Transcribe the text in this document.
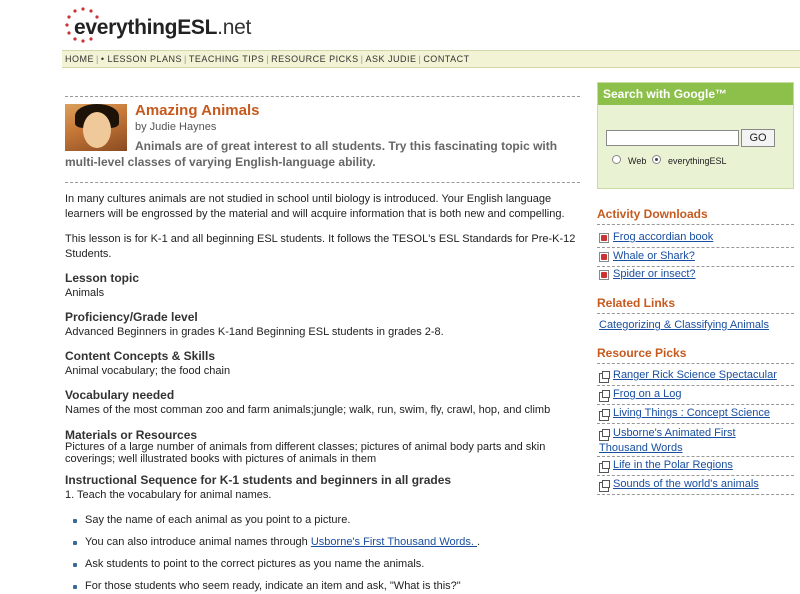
everythingESL.net
HOME | • LESSON PLANS | TEACHING TIPS | RESOURCE PICKS | ASK JUDIE | CONTACT
Amazing Animals
by Judie Haynes
Animals are of great interest to all students. Try this fascinating topic with multi-level classes of varying English-language ability.
In many cultures animals are not studied in school until biology is introduced. Your English language learners will be engrossed by the material and will acquire information that is both new and compelling.
This lesson is for K-1 and all beginning ESL students. It follows the TESOL's ESL Standards for Pre-K-12 Students.
Lesson topic
Animals
Proficiency/Grade level
Advanced Beginners in grades K-1and Beginning ESL students in grades 2-8.
Content Concepts & Skills
Animal vocabulary; the food chain
Vocabulary needed
Names of the most comman zoo and farm animals;jungle; walk, run, swim, fly, crawl, hop, and climb
Materials or Resources
Pictures of a large number of animals from different classes; pictures of animal body parts and skin coverings; well illustrated books with pictures of animals in them
Instructional Sequence for K-1 students and beginners in all grades
1. Teach the vocabulary for animal names.
Say the name of each animal as you point to a picture.
You can also introduce animal names through Usborne's First Thousand Words. .
Ask students to point to the correct pictures as you name the animals.
For those students who seem ready, indicate an item and ask, "What is this?"
Search with Google™
GO
Web everythingESL
Activity Downloads
Frog accordian book
Whale or Shark?
Spider or insect?
Related Links
Categorizing & Classifying Animals
Resource Picks
Ranger Rick Science Spectacular
Frog on a Log
Living Things : Concept Science
Usborne's Animated First Thousand Words
Life in the Polar Regions
Sounds of the world's animals
